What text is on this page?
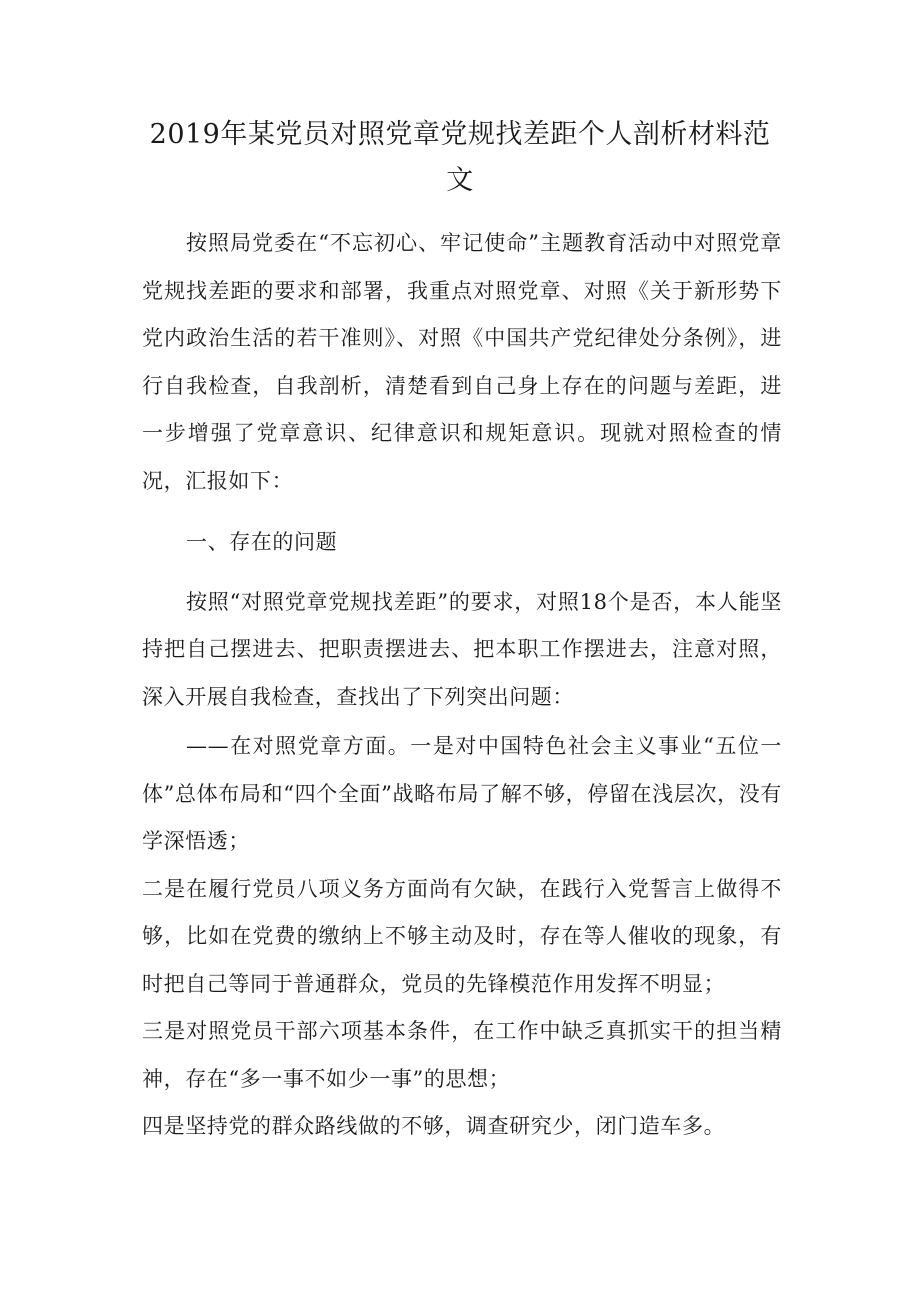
2019年某党员对照党章党规找差距个人剖析材料范文

按照局党委在“不忘初心、牢记使命”主题教育活动中对照党章党规找差距的要求和部署，我重点对照党章、对照《关于新形势下党内政治生活的若干准则》、对照《中国共产党纪律处分条例》，进行自我检查，自我剖析，清楚看到自己身上存在的问题与差距，进一步增强了党章意识、纪律意识和规矩意识。现就对照检查的情况，汇报如下：

一、存在的问题

按照“对照党章党规找差距”的要求，对照18个是否，本人能坚持把自己摆进去、把职责摆进去、把本职工作摆进去，注意对照，深入开展自我检查，查找出了下列突出问题：

——在对照党章方面。一是对中国特色社会主义事业“五位一体”总体布局和“四个全面”战略布局了解不够，停留在浅层次，没有学深悟透；

二是在履行党员八项义务方面尚有欠缺，在践行入党誓言上做得不够，比如在党费的缴纳上不够主动及时，存在等人催收的现象，有时把自己等同于普通群众，党员的先锋模范作用发挥不明显；

三是对照党员干部六项基本条件，在工作中缺乏真抓实干的担当精神，存在“多一事不如少一事”的思想；

四是坚持党的群众路线做的不够，调查研究少，闭门造车多。
